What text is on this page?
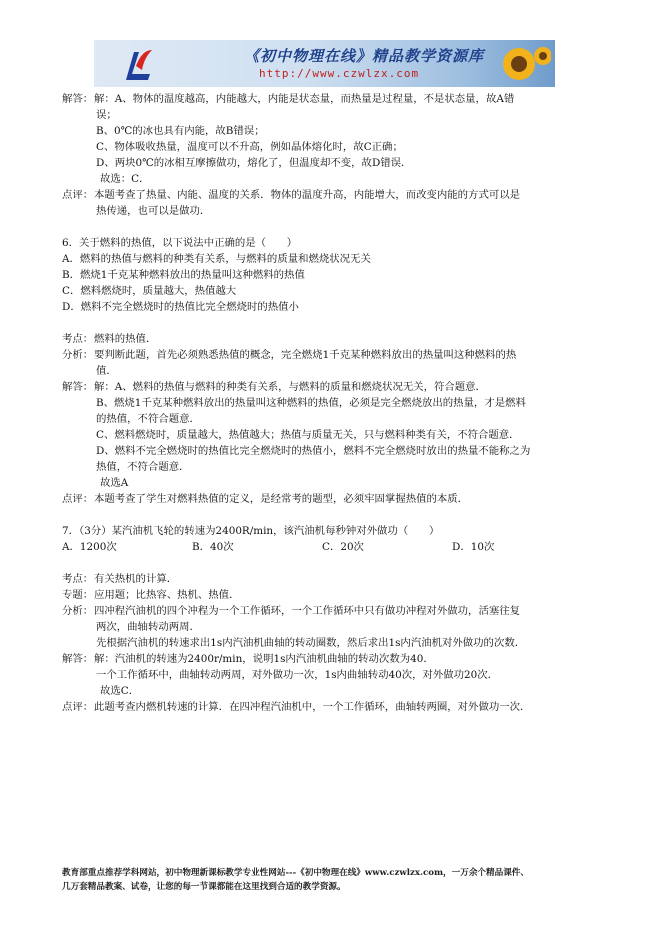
《初中物理在线》精品教学资源库
http://www.czwlzx.com
解答： 解：A、物体的温度越高，内能越大，内能是状态量，而热量是过程量，不是状态量，故A错
误；
B、0℃的冰也具有内能，故B错误；
C、物体吸收热量，温度可以不升高，例如晶体熔化时，故C正确；
D、两块0℃的冰相互摩擦做功，熔化了，但温度却不变，故D错误．
故选：C．
点评： 本题考查了热量、内能、温度的关系．物体的温度升高，内能增大，而改变内能的方式可以是
热传递，也可以是做功．
6．关于燃料的热值，以下说法中正确的是（　　）
A．燃料的热值与燃料的种类有关系，与燃料的质量和燃烧状况无关
B．燃烧1千克某种燃料放出的热量叫这种燃料的热值
C．燃料燃烧时，质量越大，热值越大
D．燃料不完全燃烧时的热值比完全燃烧时的热值小
考点： 燃料的热值．
分析： 要判断此题，首先必须熟悉热值的概念，完全燃烧1千克某种燃料放出的热量叫这种燃料的热
值．
解答： 解：A、燃料的热值与燃料的种类有关系，与燃料的质量和燃烧状况无关，符合题意．
B、燃烧1千克某种燃料放出的热量叫这种燃料的热值，必须是完全燃烧放出的热量，才是燃料
的热值，不符合题意．
C、燃料燃烧时，质量越大，热值越大；热值与质量无关，只与燃料种类有关，不符合题意．
D、燃料不完全燃烧时的热值比完全燃烧时的热值小，燃料不完全燃烧时放出的热量不能称之为
热值，不符合题意．
故选A
点评： 本题考查了学生对燃料热值的定义，是经常考的题型，必须牢固掌握热值的本质．
7．（3分）某汽油机飞轮的转速为2400R/min，该汽油机每秒钟对外做功（　　）
A．1200次	B．40次	C．20次	D．10次
考点： 有关热机的计算．
专题： 应用题；比热容、热机、热值．
分析： 四冲程汽油机的四个冲程为一个工作循环，一个工作循环中只有做功冲程对外做功，活塞往复
两次，曲轴转动两周．
先根据汽油机的转速求出1s内汽油机曲轴的转动圈数，然后求出1s内汽油机对外做功的次数．
解答： 解：汽油机的转速为2400r/min，说明1s内汽油机曲轴的转动次数为40．
一个工作循环中，曲轴转动两周，对外做功一次，1s内曲轴转动40次，对外做功20次．
故选C．
点评： 此题考查内燃机转速的计算．在四冲程汽油机中，一个工作循环，曲轴转两圈，对外做功一次．
教育部重点推荐学科网站，初中物理新课标教学专业性网站---《初中物理在线》www.czwlzx.com，一万余个精品课件、
几万套精品教案、试卷，让您的每一节课都能在这里找到合适的教学资源。
